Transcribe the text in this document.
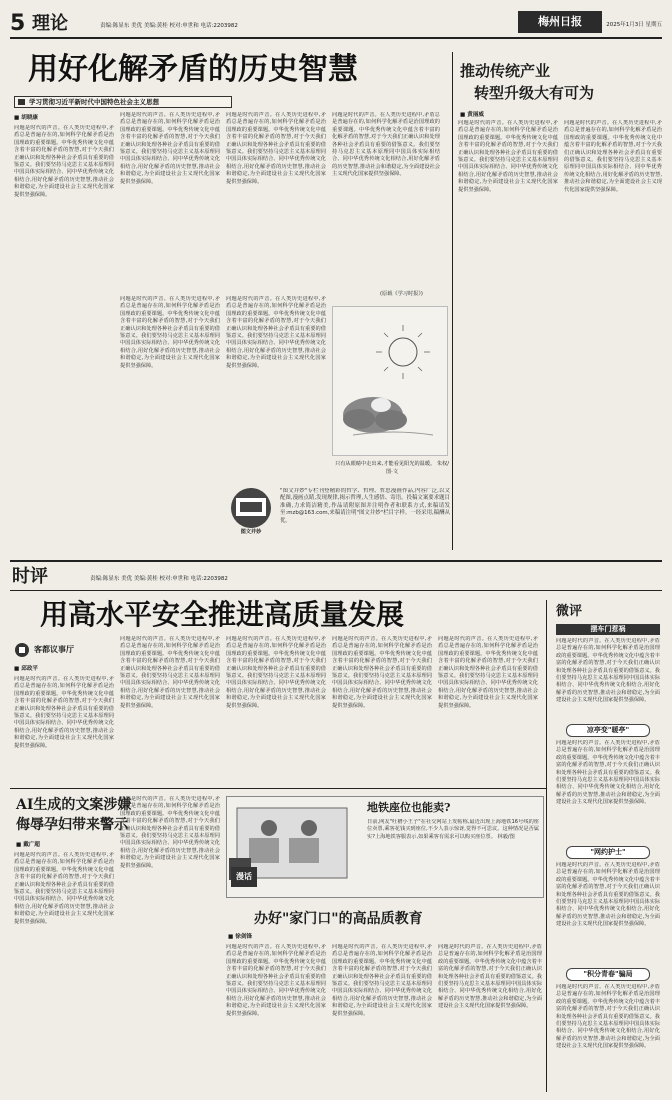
5 理论	责编:陈显东 美优 美编:黄桂 校对:申世和 电话:2203982	梅州日报	2025年1月3日 星期五
用好化解矛盾的历史智慧
学习贯彻习近平新时代中国特色社会主义思想
■ 胡晓康
问题是时代的声音。在人类历史进程中,矛盾总是普遍存在的,如何科学化解矛盾是治国理政的重要课题。中华优秀传统文化中蕴含着丰富的化解矛盾的智慧,对于今天我们正确认识和处理各种社会矛盾具有重要的借鉴意义。我们要坚持马克思主义基本原理同中国具体实际相结合、同中华优秀传统文化相结合,用好化解矛盾的历史智慧,推动社会和谐稳定,为全面建设社会主义现代化国家提供坚强保障。
问题是时代的声音。在人类历史进程中,矛盾总是普遍存在的,如何科学化解矛盾是治国理政的重要课题。中华优秀传统文化中蕴含着丰富的化解矛盾的智慧,对于今天我们正确认识和处理各种社会矛盾具有重要的借鉴意义。我们要坚持马克思主义基本原理同中国具体实际相结合、同中华优秀传统文化相结合,用好化解矛盾的历史智慧,推动社会和谐稳定,为全面建设社会主义现代化国家提供坚强保障。
问题是时代的声音。在人类历史进程中,矛盾总是普遍存在的,如何科学化解矛盾是治国理政的重要课题。中华优秀传统文化中蕴含着丰富的化解矛盾的智慧,对于今天我们正确认识和处理各种社会矛盾具有重要的借鉴意义。我们要坚持马克思主义基本原理同中国具体实际相结合、同中华优秀传统文化相结合,用好化解矛盾的历史智慧,推动社会和谐稳定,为全面建设社会主义现代化国家提供坚强保障。
问题是时代的声音。在人类历史进程中,矛盾总是普遍存在的,如何科学化解矛盾是治国理政的重要课题。中华优秀传统文化中蕴含着丰富的化解矛盾的智慧,对于今天我们正确认识和处理各种社会矛盾具有重要的借鉴意义。我们要坚持马克思主义基本原理同中国具体实际相结合、同中华优秀传统文化相结合,用好化解矛盾的历史智慧,推动社会和谐稳定,为全面建设社会主义现代化国家提供坚强保障。
问题是时代的声音。在人类历史进程中,矛盾总是普遍存在的,如何科学化解矛盾是治国理政的重要课题。中华优秀传统文化中蕴含着丰富的化解矛盾的智慧,对于今天我们正确认识和处理各种社会矛盾具有重要的借鉴意义。我们要坚持马克思主义基本原理同中国具体实际相结合、同中华优秀传统文化相结合,用好化解矛盾的历史智慧,推动社会和谐稳定,为全面建设社会主义现代化国家提供坚强保障。
问题是时代的声音。在人类历史进程中,矛盾总是普遍存在的,如何科学化解矛盾是治国理政的重要课题。中华优秀传统文化中蕴含着丰富的化解矛盾的智慧,对于今天我们正确认识和处理各种社会矛盾具有重要的借鉴意义。我们要坚持马克思主义基本原理同中国具体实际相结合、同中华优秀传统文化相结合,用好化解矛盾的历史智慧,推动社会和谐稳定,为全面建设社会主义现代化国家提供坚强保障。
(原载《学习时报》)
只有从眼睛中走出来,才能看见阳光的温暖。 朱权/图·文
图文并妙
"图文并妙"专栏刊登精彩的哲学、哲理、哲思漫画作品,内容广泛,以文配图,漫画点睛,发现规律,揭示哲理,人生感悟、寄语。投稿文案要求题目准确,力求简洁精美,作品请附原图并注明作者和联系方式,来稿请发至:mzb@163.com,来稿请注明"图文并妙"栏目字样。一经采用,稿酬从优。
推动传统产业
转型升级大有可为
■ 黄丽威
问题是时代的声音。在人类历史进程中,矛盾总是普遍存在的,如何科学化解矛盾是治国理政的重要课题。中华优秀传统文化中蕴含着丰富的化解矛盾的智慧,对于今天我们正确认识和处理各种社会矛盾具有重要的借鉴意义。我们要坚持马克思主义基本原理同中国具体实际相结合、同中华优秀传统文化相结合,用好化解矛盾的历史智慧,推动社会和谐稳定,为全面建设社会主义现代化国家提供坚强保障。
问题是时代的声音。在人类历史进程中,矛盾总是普遍存在的,如何科学化解矛盾是治国理政的重要课题。中华优秀传统文化中蕴含着丰富的化解矛盾的智慧,对于今天我们正确认识和处理各种社会矛盾具有重要的借鉴意义。我们要坚持马克思主义基本原理同中国具体实际相结合、同中华优秀传统文化相结合,用好化解矛盾的历史智慧,推动社会和谐稳定,为全面建设社会主义现代化国家提供坚强保障。
时评	责编:陈显东 美优 美编:黄桂 校对:申世和 电话:2203982
用高水平安全推进高质量发展
客都议事厅
■ 邱政平
问题是时代的声音。在人类历史进程中,矛盾总是普遍存在的,如何科学化解矛盾是治国理政的重要课题。中华优秀传统文化中蕴含着丰富的化解矛盾的智慧,对于今天我们正确认识和处理各种社会矛盾具有重要的借鉴意义。我们要坚持马克思主义基本原理同中国具体实际相结合、同中华优秀传统文化相结合,用好化解矛盾的历史智慧,推动社会和谐稳定,为全面建设社会主义现代化国家提供坚强保障。
问题是时代的声音。在人类历史进程中,矛盾总是普遍存在的,如何科学化解矛盾是治国理政的重要课题。中华优秀传统文化中蕴含着丰富的化解矛盾的智慧,对于今天我们正确认识和处理各种社会矛盾具有重要的借鉴意义。我们要坚持马克思主义基本原理同中国具体实际相结合、同中华优秀传统文化相结合,用好化解矛盾的历史智慧,推动社会和谐稳定,为全面建设社会主义现代化国家提供坚强保障。
问题是时代的声音。在人类历史进程中,矛盾总是普遍存在的,如何科学化解矛盾是治国理政的重要课题。中华优秀传统文化中蕴含着丰富的化解矛盾的智慧,对于今天我们正确认识和处理各种社会矛盾具有重要的借鉴意义。我们要坚持马克思主义基本原理同中国具体实际相结合、同中华优秀传统文化相结合,用好化解矛盾的历史智慧,推动社会和谐稳定,为全面建设社会主义现代化国家提供坚强保障。
问题是时代的声音。在人类历史进程中,矛盾总是普遍存在的,如何科学化解矛盾是治国理政的重要课题。中华优秀传统文化中蕴含着丰富的化解矛盾的智慧,对于今天我们正确认识和处理各种社会矛盾具有重要的借鉴意义。我们要坚持马克思主义基本原理同中国具体实际相结合、同中华优秀传统文化相结合,用好化解矛盾的历史智慧,推动社会和谐稳定,为全面建设社会主义现代化国家提供坚强保障。
问题是时代的声音。在人类历史进程中,矛盾总是普遍存在的,如何科学化解矛盾是治国理政的重要课题。中华优秀传统文化中蕴含着丰富的化解矛盾的智慧,对于今天我们正确认识和处理各种社会矛盾具有重要的借鉴意义。我们要坚持马克思主义基本原理同中国具体实际相结合、同中华优秀传统文化相结合,用好化解矛盾的历史智慧,推动社会和谐稳定,为全面建设社会主义现代化国家提供坚强保障。
AI生成的文案涉嫌
侮辱孕妇带来警示
■ 戴广超
问题是时代的声音。在人类历史进程中,矛盾总是普遍存在的,如何科学化解矛盾是治国理政的重要课题。中华优秀传统文化中蕴含着丰富的化解矛盾的智慧,对于今天我们正确认识和处理各种社会矛盾具有重要的借鉴意义。我们要坚持马克思主义基本原理同中国具体实际相结合、同中华优秀传统文化相结合,用好化解矛盾的历史智慧,推动社会和谐稳定,为全面建设社会主义现代化国家提供坚强保障。
问题是时代的声音。在人类历史进程中,矛盾总是普遍存在的,如何科学化解矛盾是治国理政的重要课题。中华优秀传统文化中蕴含着丰富的化解矛盾的智慧,对于今天我们正确认识和处理各种社会矛盾具有重要的借鉴意义。我们要坚持马克思主义基本原理同中国具体实际相结合、同中华优秀传统文化相结合,用好化解矛盾的历史智慧,推动社会和谐稳定,为全面建设社会主义现代化国家提供坚强保障。
漫话
地铁座位也能卖?
日前,网友"吐槽小王子"在社交网站上发帖称,最近出现上海地铁16号线的座位卖票,乘客花钱买到座位,不少人表示惊讶,觉得不可思议。这种情况是否属实?上海地铁客服表示,如果乘客有需求可以购买座位票。 林毅/图
办好"家门口"的高品质教育
■ 徐剑锋
问题是时代的声音。在人类历史进程中,矛盾总是普遍存在的,如何科学化解矛盾是治国理政的重要课题。中华优秀传统文化中蕴含着丰富的化解矛盾的智慧,对于今天我们正确认识和处理各种社会矛盾具有重要的借鉴意义。我们要坚持马克思主义基本原理同中国具体实际相结合、同中华优秀传统文化相结合,用好化解矛盾的历史智慧,推动社会和谐稳定,为全面建设社会主义现代化国家提供坚强保障。
问题是时代的声音。在人类历史进程中,矛盾总是普遍存在的,如何科学化解矛盾是治国理政的重要课题。中华优秀传统文化中蕴含着丰富的化解矛盾的智慧,对于今天我们正确认识和处理各种社会矛盾具有重要的借鉴意义。我们要坚持马克思主义基本原理同中国具体实际相结合、同中华优秀传统文化相结合,用好化解矛盾的历史智慧,推动社会和谐稳定,为全面建设社会主义现代化国家提供坚强保障。
问题是时代的声音。在人类历史进程中,矛盾总是普遍存在的,如何科学化解矛盾是治国理政的重要课题。中华优秀传统文化中蕴含着丰富的化解矛盾的智慧,对于今天我们正确认识和处理各种社会矛盾具有重要的借鉴意义。我们要坚持马克思主义基本原理同中国具体实际相结合、同中华优秀传统文化相结合,用好化解矛盾的历史智慧,推动社会和谐稳定,为全面建设社会主义现代化国家提供坚强保障。
微评
摆车门惹祸
问题是时代的声音。在人类历史进程中,矛盾总是普遍存在的,如何科学化解矛盾是治国理政的重要课题。中华优秀传统文化中蕴含着丰富的化解矛盾的智慧,对于今天我们正确认识和处理各种社会矛盾具有重要的借鉴意义。我们要坚持马克思主义基本原理同中国具体实际相结合、同中华优秀传统文化相结合,用好化解矛盾的历史智慧,推动社会和谐稳定,为全面建设社会主义现代化国家提供坚强保障。
凉亭变"暖亭"
问题是时代的声音。在人类历史进程中,矛盾总是普遍存在的,如何科学化解矛盾是治国理政的重要课题。中华优秀传统文化中蕴含着丰富的化解矛盾的智慧,对于今天我们正确认识和处理各种社会矛盾具有重要的借鉴意义。我们要坚持马克思主义基本原理同中国具体实际相结合、同中华优秀传统文化相结合,用好化解矛盾的历史智慧,推动社会和谐稳定,为全面建设社会主义现代化国家提供坚强保障。
"网约护士"
问题是时代的声音。在人类历史进程中,矛盾总是普遍存在的,如何科学化解矛盾是治国理政的重要课题。中华优秀传统文化中蕴含着丰富的化解矛盾的智慧,对于今天我们正确认识和处理各种社会矛盾具有重要的借鉴意义。我们要坚持马克思主义基本原理同中国具体实际相结合、同中华优秀传统文化相结合,用好化解矛盾的历史智慧,推动社会和谐稳定,为全面建设社会主义现代化国家提供坚强保障。
"积分青春"骗局
问题是时代的声音。在人类历史进程中,矛盾总是普遍存在的,如何科学化解矛盾是治国理政的重要课题。中华优秀传统文化中蕴含着丰富的化解矛盾的智慧,对于今天我们正确认识和处理各种社会矛盾具有重要的借鉴意义。我们要坚持马克思主义基本原理同中国具体实际相结合、同中华优秀传统文化相结合,用好化解矛盾的历史智慧,推动社会和谐稳定,为全面建设社会主义现代化国家提供坚强保障。
